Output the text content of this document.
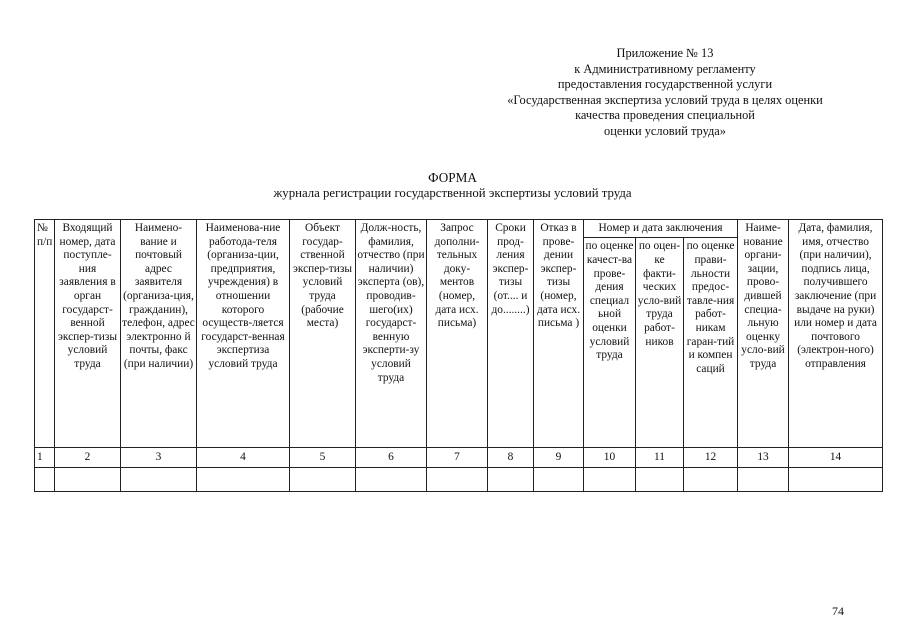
Приложение № 13
к Административному регламенту
предоставления государственной услуги
«Государственная экспертиза условий труда в целях оценки
качества проведения специальной
оценки условий труда»
ФОРМА
журнала регистрации государственной экспертизы условий труда
№ п/п	Входящий номер, дата поступле-ния заявления в орган государст-венной экспер-тизы условий труда	Наимено-вание и почтовый адрес заявителя (организа-ция, гражданин), телефон, адрес электронно й почты, факс (при наличии)	Наименова-ние работода-теля (организа-ции, предприятия, учреждения) в отношении которого осуществ-ляется государст-венная экспертиза условий труда	Объект государ-ственной экспер-тизы условий труда (рабочие места)	Долж-ность, фамилия, отчество (при наличии) эксперта (ов), проводив-шего(их) государст-венную эксперти-зу условий труда	Запрос дополни-тельных доку-ментов (номер, дата исх. письма)	Сроки прод-ления экспер-тизы (от.... и до........)	Отказ в прове-дении экспер-тизы (номер, дата исх. письма )	Номер и дата заключения			Наиме-нование органи-зации, прово-дившей специа-льную оценку усло-вий труда	Дата, фамилия, имя, отчество (при наличии), подпись лица, получившего заключение (при выдаче на руки) или номер и дата почтового (электрон-ного) отправления
									по оценке качест-ва прове-дения специал ьной оценки условий труда	по оцен-ке факти-ческих усло-вий труда работ-ников	по оценке прави-льности предос-тавле-ния работ-никам гаран-тий и компен саций		
1	2	3	4	5	6	7	8	9	10	11	12	13	14

74
